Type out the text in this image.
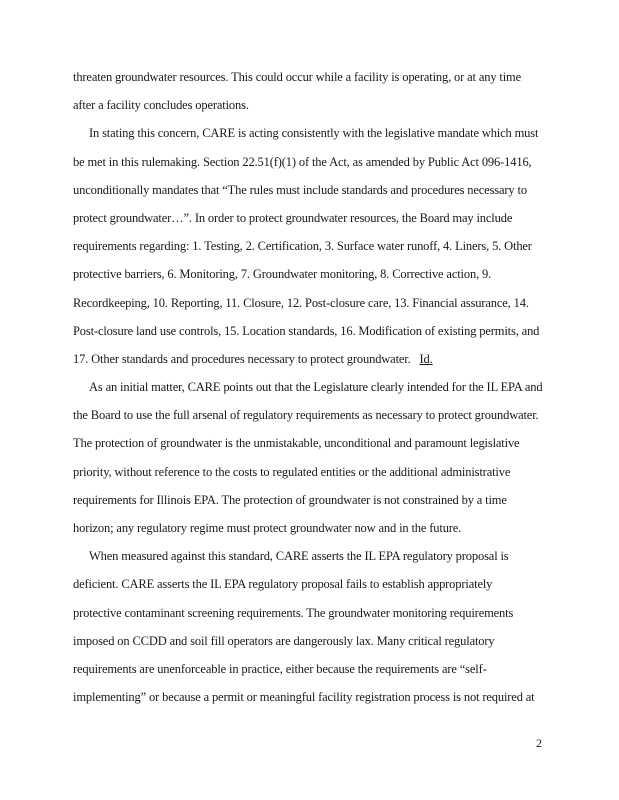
threaten groundwater resources. This could occur while a facility is operating, or at any time
after a facility concludes operations.
In stating this concern, CARE is acting consistently with the legislative mandate which must
be met in this rulemaking. Section 22.51(f)(1) of the Act, as amended by Public Act 096-1416,
unconditionally mandates that “The rules must include standards and procedures necessary to
protect groundwater…”. In order to protect groundwater resources, the Board may include
requirements regarding: 1. Testing, 2. Certification, 3. Surface water runoff, 4. Liners, 5. Other
protective barriers, 6. Monitoring, 7. Groundwater monitoring, 8. Corrective action, 9.
Recordkeeping, 10. Reporting, 11. Closure, 12. Post-closure care, 13. Financial assurance, 14.
Post-closure land use controls, 15. Location standards, 16. Modification of existing permits, and
17. Other standards and procedures necessary to protect groundwater. Id.
As an initial matter, CARE points out that the Legislature clearly intended for the IL EPA and
the Board to use the full arsenal of regulatory requirements as necessary to protect groundwater.
The protection of groundwater is the unmistakable, unconditional and paramount legislative
priority, without reference to the costs to regulated entities or the additional administrative
requirements for Illinois EPA. The protection of groundwater is not constrained by a time
horizon; any regulatory regime must protect groundwater now and in the future.
When measured against this standard, CARE asserts the IL EPA regulatory proposal is
deficient. CARE asserts the IL EPA regulatory proposal fails to establish appropriately
protective contaminant screening requirements. The groundwater monitoring requirements
imposed on CCDD and soil fill operators are dangerously lax. Many critical regulatory
requirements are unenforceable in practice, either because the requirements are “self-
implementing” or because a permit or meaningful facility registration process is not required at
2
